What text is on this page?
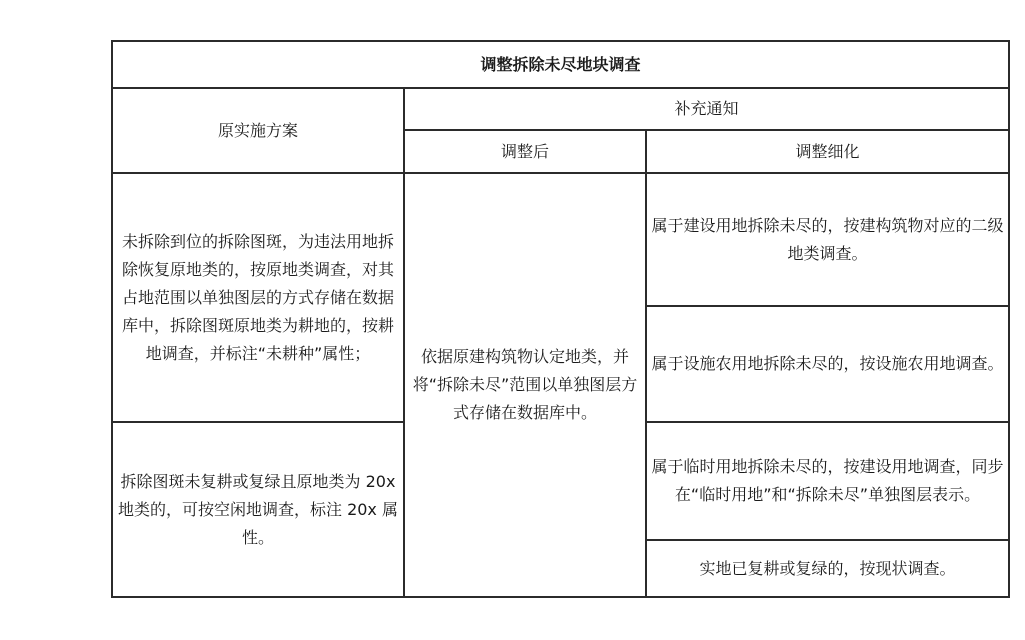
调整拆除未尽地块调查		
原实施方案	补充通知	
	调整后	调整细化
未拆除到位的拆除图斑，为违法用地拆除恢复原地类的，按原地类调查，对其占地范围以单独图层的方式存储在数据库中，拆除图斑原地类为耕地的，按耕地调查，并标注“未耕种”属性；	依据原建构筑物认定地类，并将“拆除未尽”范围以单独图层方式存储在数据库中。	属于建设用地拆除未尽的，按建构筑物对应的二级地类调查。
		属于设施农用地拆除未尽的，按设施农用地调查。
拆除图斑未复耕或复绿且原地类为 20x 地类的，可按空闲地调查，标注 20x 属性。		属于临时用地拆除未尽的，按建设用地调查，同步在“临时用地”和“拆除未尽”单独图层表示。
		实地已复耕或复绿的，按现状调查。
